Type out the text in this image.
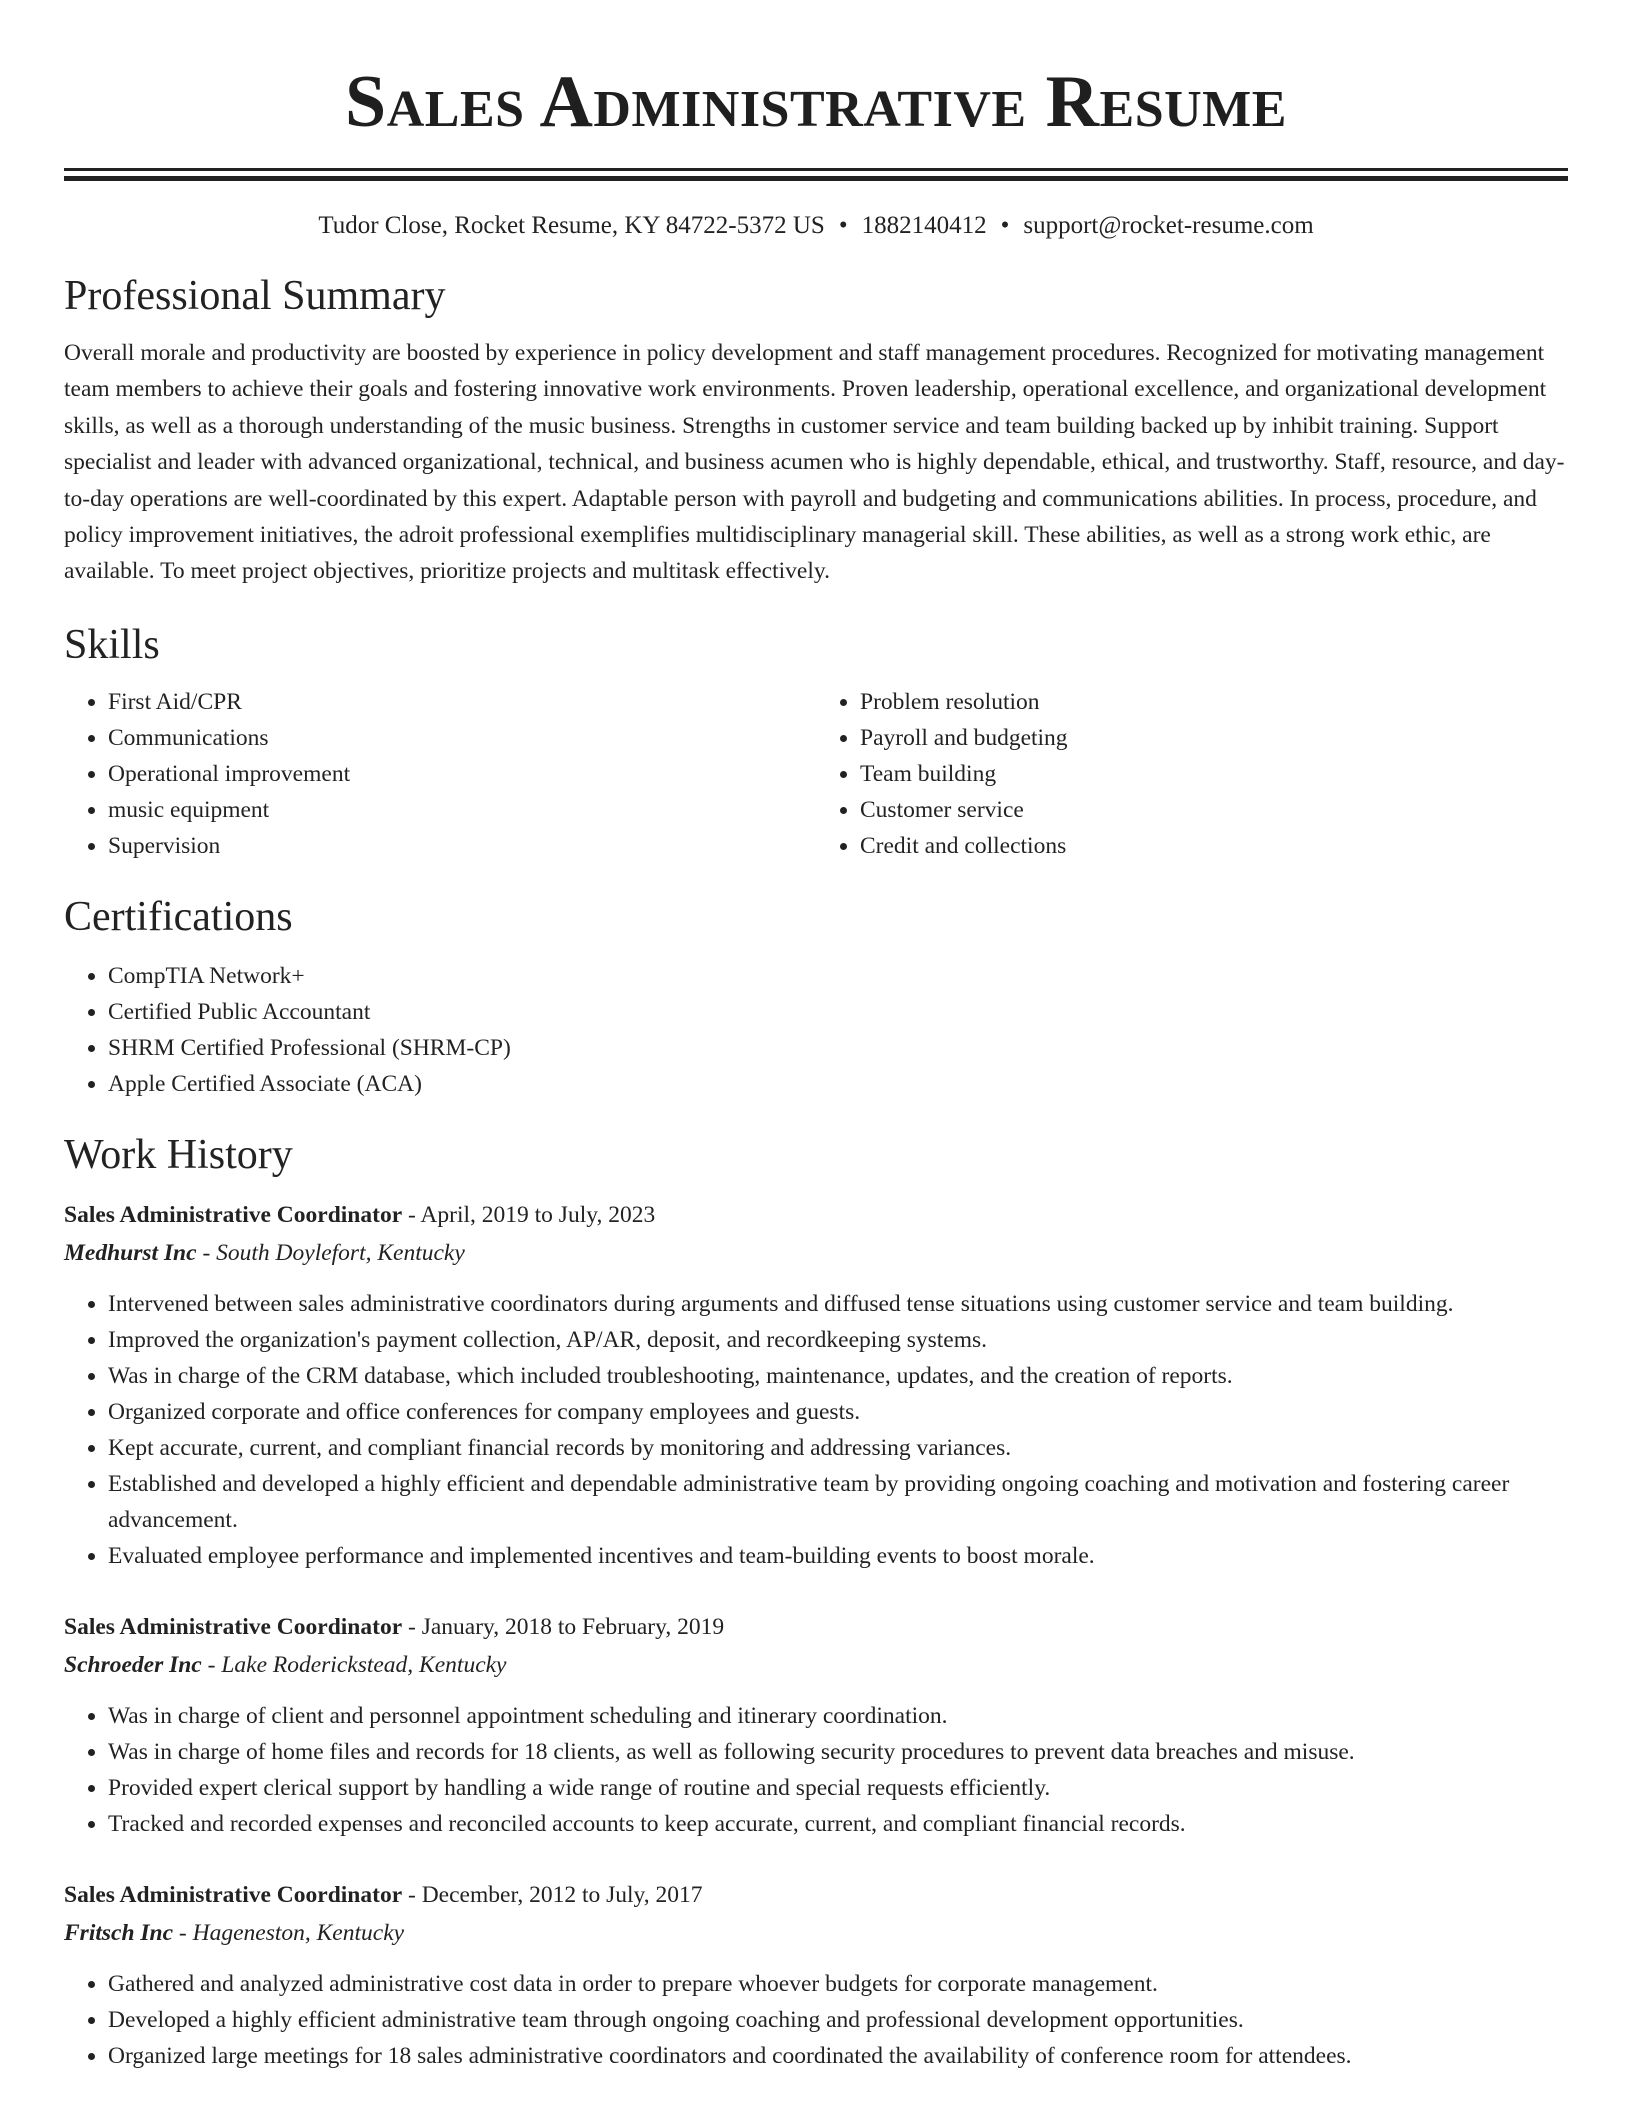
Sales Administrative Resume
Tudor Close, Rocket Resume, KY 84722-5372 US • 1882140412 • support@rocket-resume.com
Professional Summary

Overall morale and productivity are boosted by experience in policy development and staff management procedures. Recognized for motivating management team members to achieve their goals and fostering innovative work environments. Proven leadership, operational excellence, and organizational development skills, as well as a thorough understanding of the music business. Strengths in customer service and team building backed up by inhibit training. Support specialist and leader with advanced organizational, technical, and business acumen who is highly dependable, ethical, and trustworthy. Staff, resource, and day-to-day operations are well-coordinated by this expert. Adaptable person with payroll and budgeting and communications abilities. In process, procedure, and policy improvement initiatives, the adroit professional exemplifies multidisciplinary managerial skill. These abilities, as well as a strong work ethic, are available. To meet project objectives, prioritize projects and multitask effectively.

Skills
• First Aid/CPR
• Communications
• Operational improvement
• music equipment
• Supervision
• Problem resolution
• Payroll and budgeting
• Team building
• Customer service
• Credit and collections
Certifications
• CompTIA Network+
• Certified Public Accountant
• SHRM Certified Professional (SHRM-CP)
• Apple Certified Associate (ACA)
Work History
Sales Administrative Coordinator - April, 2019 to July, 2023
Medhurst Inc - South Doylefort, Kentucky
• Intervened between sales administrative coordinators during arguments and diffused tense situations using customer service and team building.
• Improved the organization's payment collection, AP/AR, deposit, and recordkeeping systems.
• Was in charge of the CRM database, which included troubleshooting, maintenance, updates, and the creation of reports.
• Organized corporate and office conferences for company employees and guests.
• Kept accurate, current, and compliant financial records by monitoring and addressing variances.
• Established and developed a highly efficient and dependable administrative team by providing ongoing coaching and motivation and fostering career advancement.
• Evaluated employee performance and implemented incentives and team-building events to boost morale.
Sales Administrative Coordinator - January, 2018 to February, 2019
Schroeder Inc - Lake Roderickstead, Kentucky
• Was in charge of client and personnel appointment scheduling and itinerary coordination.
• Was in charge of home files and records for 18 clients, as well as following security procedures to prevent data breaches and misuse.
• Provided expert clerical support by handling a wide range of routine and special requests efficiently.
• Tracked and recorded expenses and reconciled accounts to keep accurate, current, and compliant financial records.
Sales Administrative Coordinator - December, 2012 to July, 2017
Fritsch Inc - Hageneston, Kentucky
• Gathered and analyzed administrative cost data in order to prepare whoever budgets for corporate management.
• Developed a highly efficient administrative team through ongoing coaching and professional development opportunities.
• Organized large meetings for 18 sales administrative coordinators and coordinated the availability of conference room for attendees.
